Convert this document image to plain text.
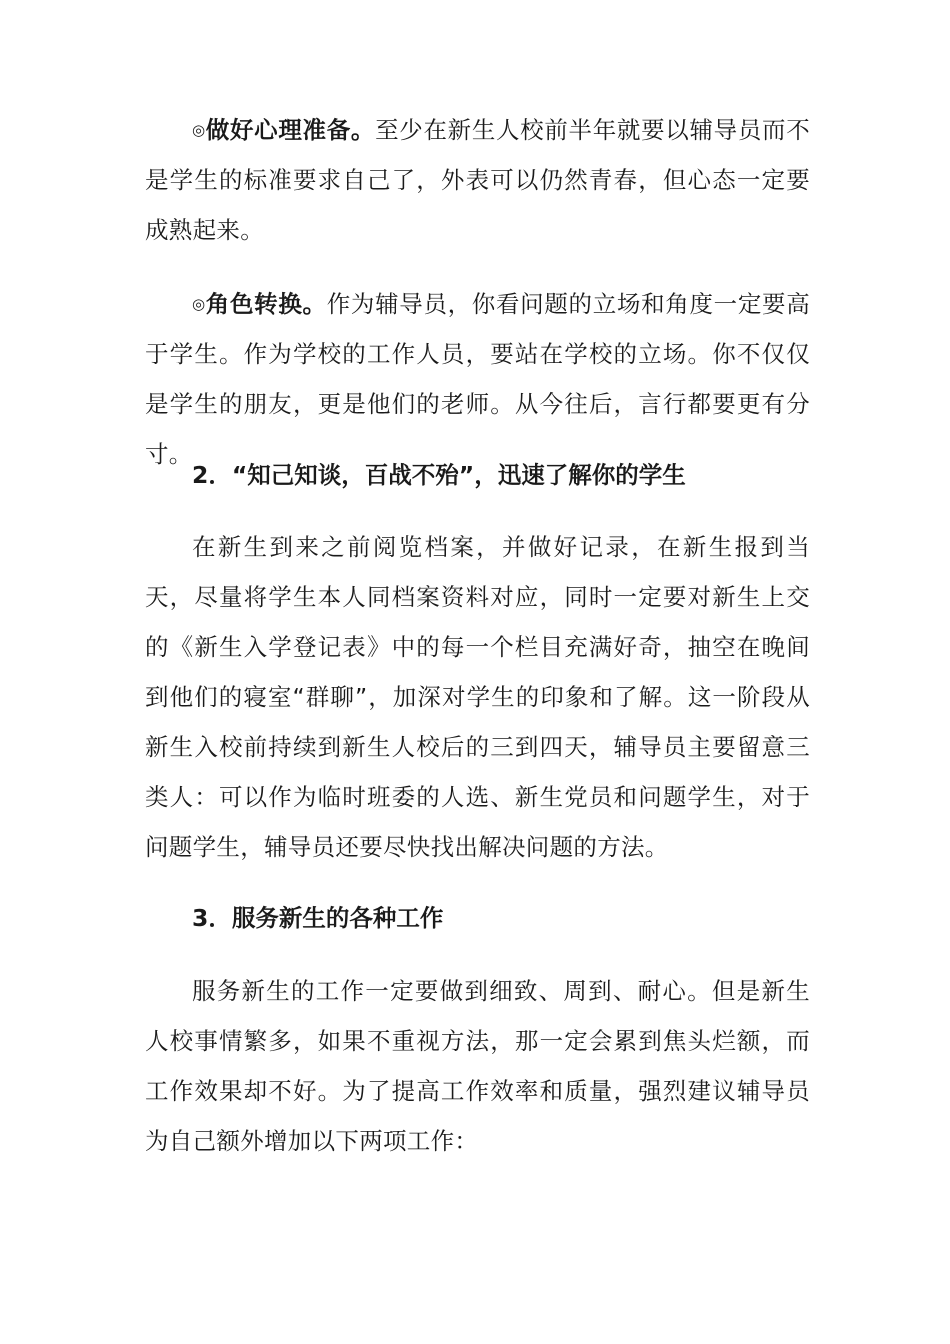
◎做好心理准备。至少在新生人校前半年就要以辅导员而不是学生的标准要求自己了，外表可以仍然青春，但心态一定要成熟起来。

◎角色转换。作为辅导员，你看问题的立场和角度一定要高于学生。作为学校的工作人员，要站在学校的立场。你不仅仅是学生的朋友，更是他们的老师。从今往后，言行都要更有分寸。

2．“知己知谈，百战不殆”，迅速了解你的学生

在新生到来之前阅览档案，并做好记录，在新生报到当天，尽量将学生本人同档案资料对应，同时一定要对新生上交的《新生入学登记表》中的每一个栏目充满好奇，抽空在晚间到他们的寝室“群聊”，加深对学生的印象和了解。这一阶段从新生入校前持续到新生人校后的三到四天，辅导员主要留意三类人：可以作为临时班委的人选、新生党员和问题学生，对于问题学生，辅导员还要尽快找出解决问题的方法。

3．服务新生的各种工作

服务新生的工作一定要做到细致、周到、耐心。但是新生人校事情繁多，如果不重视方法，那一定会累到焦头烂额，而工作效果却不好。为了提高工作效率和质量，强烈建议辅导员为自己额外增加以下两项工作：
